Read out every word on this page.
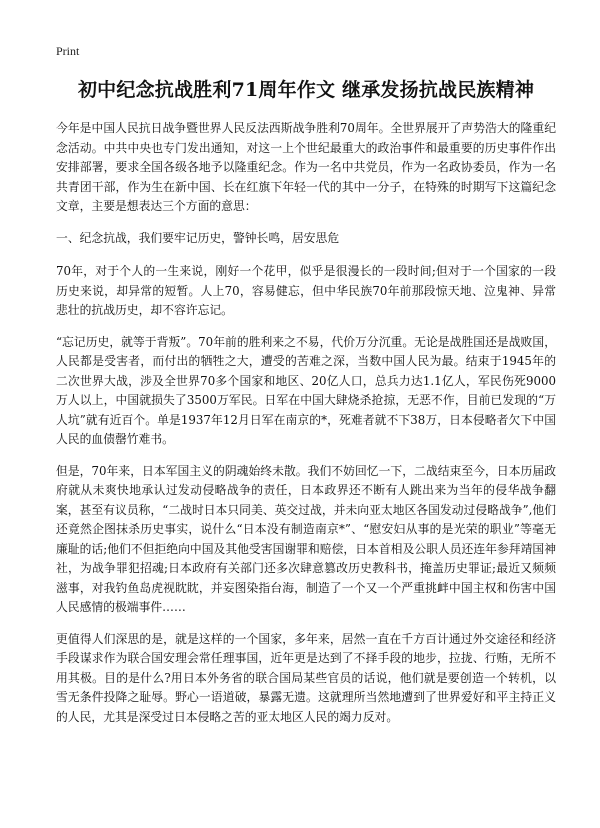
Print
初中纪念抗战胜利71周年作文 继承发扬抗战民族精神

今年是中国人民抗日战争暨世界人民反法西斯战争胜利70周年。全世界展开了声势浩大的隆重纪念活动。中共中央也专门发出通知，对这一上个世纪最重大的政治事件和最重要的历史事件作出安排部署，要求全国各级各地予以隆重纪念。作为一名中共党员，作为一名政协委员，作为一名共青团干部，作为生在新中国、长在红旗下年轻一代的其中一分子，在特殊的时期写下这篇纪念文章，主要是想表达三个方面的意思：

一、纪念抗战，我们要牢记历史，警钟长鸣，居安思危

70年，对于个人的一生来说，刚好一个花甲，似乎是很漫长的一段时间;但对于一个国家的一段历史来说，却异常的短暂。人上70，容易健忘，但中华民族70年前那段惊天地、泣鬼神、异常悲壮的抗战历史，却不容许忘记。

“忘记历史，就等于背叛”。70年前的胜利来之不易，代价万分沉重。无论是战胜国还是战败国，人民都是受害者，而付出的牺牲之大，遭受的苦难之深，当数中国人民为最。结束于1945年的二次世界大战，涉及全世界70多个国家和地区、20亿人口，总兵力达1.1亿人，军民伤死9000万人以上，中国就损失了3500万军民。日军在中国大肆烧杀抢掠，无恶不作，目前已发现的“万人坑”就有近百个。单是1937年12月日军在南京的*，死难者就不下38万，日本侵略者欠下中国人民的血债罄竹难书。

但是，70年来，日本军国主义的阴魂始终未散。我们不妨回忆一下，二战结束至今，日本历届政府就从未爽快地承认过发动侵略战争的责任，日本政界还不断有人跳出来为当年的侵华战争翻案，甚至有议员称，“二战时日本只同美、英交过战，并未向亚太地区各国发动过侵略战争”,他们还竟然企图抹杀历史事实，说什么“日本没有制造南京*”、“慰安妇从事的是光荣的职业”等毫无廉耻的话;他们不但拒绝向中国及其他受害国谢罪和赔偿，日本首相及公职人员还连年参拜靖国神社，为战争罪犯招魂;日本政府有关部门还多次肆意篡改历史教科书，掩盖历史罪证;最近又频频滋事，对我钓鱼岛虎视眈眈，并妄图染指台海，制造了一个又一个严重挑衅中国主权和伤害中国人民感情的极端事件……

更值得人们深思的是，就是这样的一个国家，多年来，居然一直在千方百计通过外交途径和经济手段谋求作为联合国安理会常任理事国，近年更是达到了不择手段的地步，拉拢、行贿，无所不用其极。目的是什么?用日本外务省的联合国局某些官员的话说，他们就是要创造一个转机，以雪无条件投降之耻辱。野心一语道破，暴露无遗。这就理所当然地遭到了世界爱好和平主持正义的人民，尤其是深受过日本侵略之苦的亚太地区人民的竭力反对。
